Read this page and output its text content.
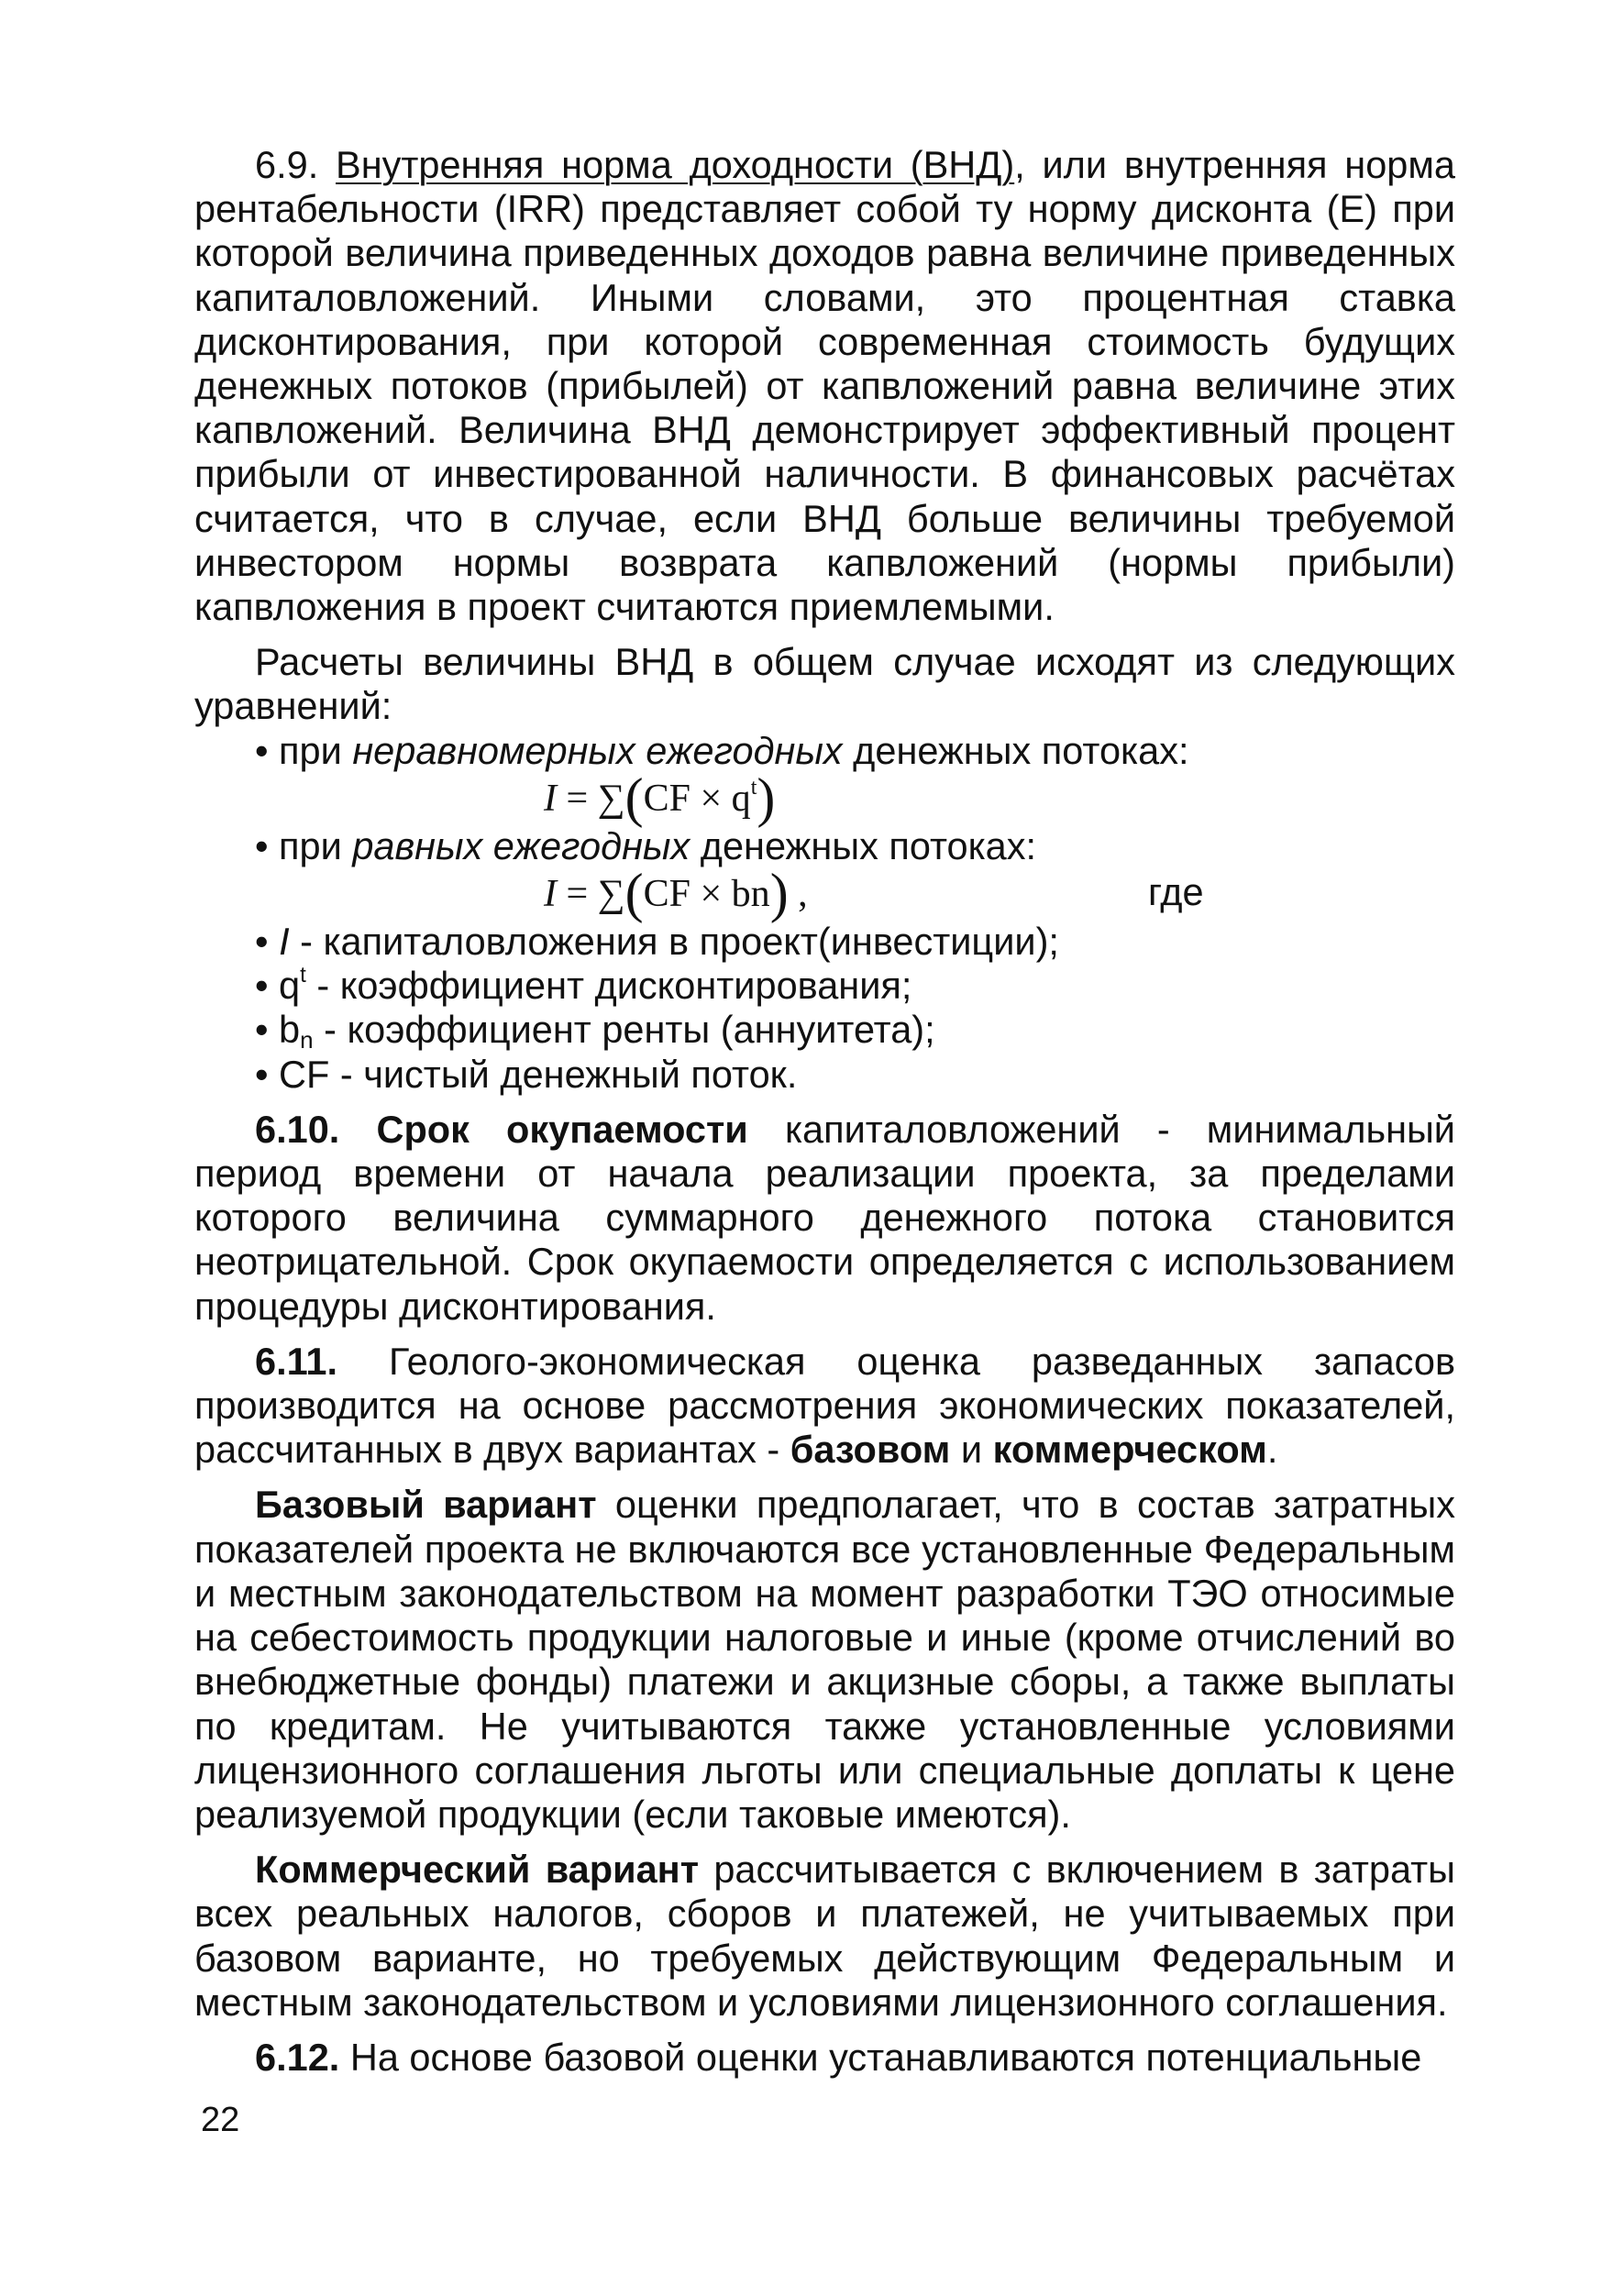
6.9. Внутренняя норма доходности (ВНД), или внутренняя норма рентабельности (IRR) представляет собой ту норму дисконта (Е) при которой величина приведенных доходов равна величине приведенных капиталовложений. Иными словами, это процентная ставка дисконтирования, при которой современная стоимость будущих денежных потоков (прибылей) от капвложений равна величине этих капвложений. Величина ВНД демонстрирует эффективный процент прибыли от инвестированной наличности. В финансовых расчётах считается, что в случае, если ВНД больше величины требуемой инвестором нормы возврата капвложений (нормы прибыли) капвложения в проект считаются приемлемыми.

Расчеты величины ВНД в общем случае исходят из следующих уравнений:

• при неравномерных ежегодных денежных потоках:

$I = \sum(CF \times q^t)$

• при равных ежегодных денежных потоках:

I = ∑(CF × bn) ,	где

• I - капиталовложения в проект(инвестиции);

• $q^t$ - коэффициент дисконтирования;

• $b_n$ - коэффициент ренты (аннуитета);

• CF - чистый денежный поток.

6.10. Срок окупаемости капиталовложений - минимальный период времени от начала реализации проекта, за пределами которого величина суммарного денежного потока становится неотрицательной. Срок окупаемости определяется с использованием процедуры дисконтирования.

6.11. Геолого-экономическая оценка разведанных запасов производится на основе рассмотрения экономических показателей, рассчитанных в двух вариантах - базовом и коммерческом.

Базовый вариант оценки предполагает, что в состав затратных показателей проекта не включаются все установленные Федеральным и местным законодательством на момент разработки ТЭО относимые на себестоимость продукции налоговые и иные (кроме отчислений во внебюджетные фонды) платежи и акцизные сборы, а также выплаты по кредитам. Не учитываются также установленные условиями лицензионного соглашения льготы или специальные доплаты к цене реализуемой продукции (если таковые имеются).

Коммерческий вариант рассчитывается с включением в затраты всех реальных налогов, сборов и платежей, не учитываемых при базовом варианте, но требуемых действующим Федеральным и местным законодательством и условиями лицензионного соглашения.

6.12. На основе базовой оценки устанавливаются потенциальные

22
